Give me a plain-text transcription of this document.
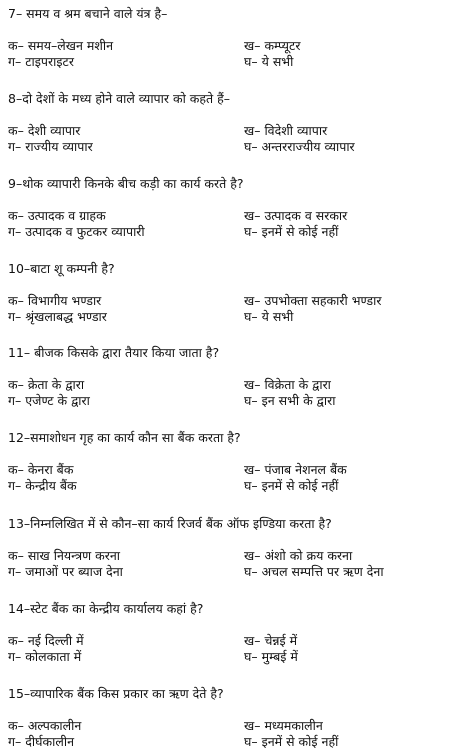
7– समय व श्रम बचाने वाले यंत्र है–
क– समय–लेखन मशीन	ख– कम्प्यूटर
ग– टाइपराइटर	घ– ये सभी
8–दो देशों के मध्य होने वाले व्यापार को कहते हैं–
क– देशी व्यापार	ख– विदेशी व्यापार
ग– राज्यीय व्यापार	घ– अन्तरराज्यीय व्यापार
9–थोक व्यापारी किनके बीच कड़ी का कार्य करते है?
क– उत्पादक व ग्राहक	ख– उत्पादक व सरकार
ग– उत्पादक व फुटकर व्यापारी	घ– इनमें से कोई नहीं
10–बाटा शू कम्पनी है?
क– विभागीय भण्डार	ख– उपभोक्ता सहकारी भण्डार
ग– श्रृंखलाबद्ध भण्डार	घ– ये सभी
11– बीजक किसके द्वारा तैयार किया जाता है?
क– क्रेता के द्वारा	ख– विक्रेता के द्वारा
ग– एजेण्ट के द्वारा	घ– इन सभी के द्वारा
12–समाशोधन गृह का कार्य कौन सा बैंक करता है?
क– केनरा बैंक	ख– पंजाब नेशनल बैंक
ग– केन्द्रीय बैंक	घ– इनमें से कोई नहीं
13–निम्नलिखित में से कौन–सा कार्य रिजर्व बैंक ऑफ इण्डिया करता है?
क– साख नियन्त्रण करना	ख– अंशो को क्रय करना
ग– जमाओं पर ब्याज देना	घ– अचल सम्पत्ति पर ऋण देना
14–स्टेट बैंक का केन्द्रीय कार्यालय कहां है?
क– नई दिल्ली में	ख– चेन्नई में
ग– कोलकाता में	घ– मुम्बई में
15–व्यापारिक बैंक किस प्रकार का ऋण देते है?
क– अल्पकालीन	ख– मध्यमकालीन
ग– दीर्घकालीन	घ– इनमें से कोई नहीं
